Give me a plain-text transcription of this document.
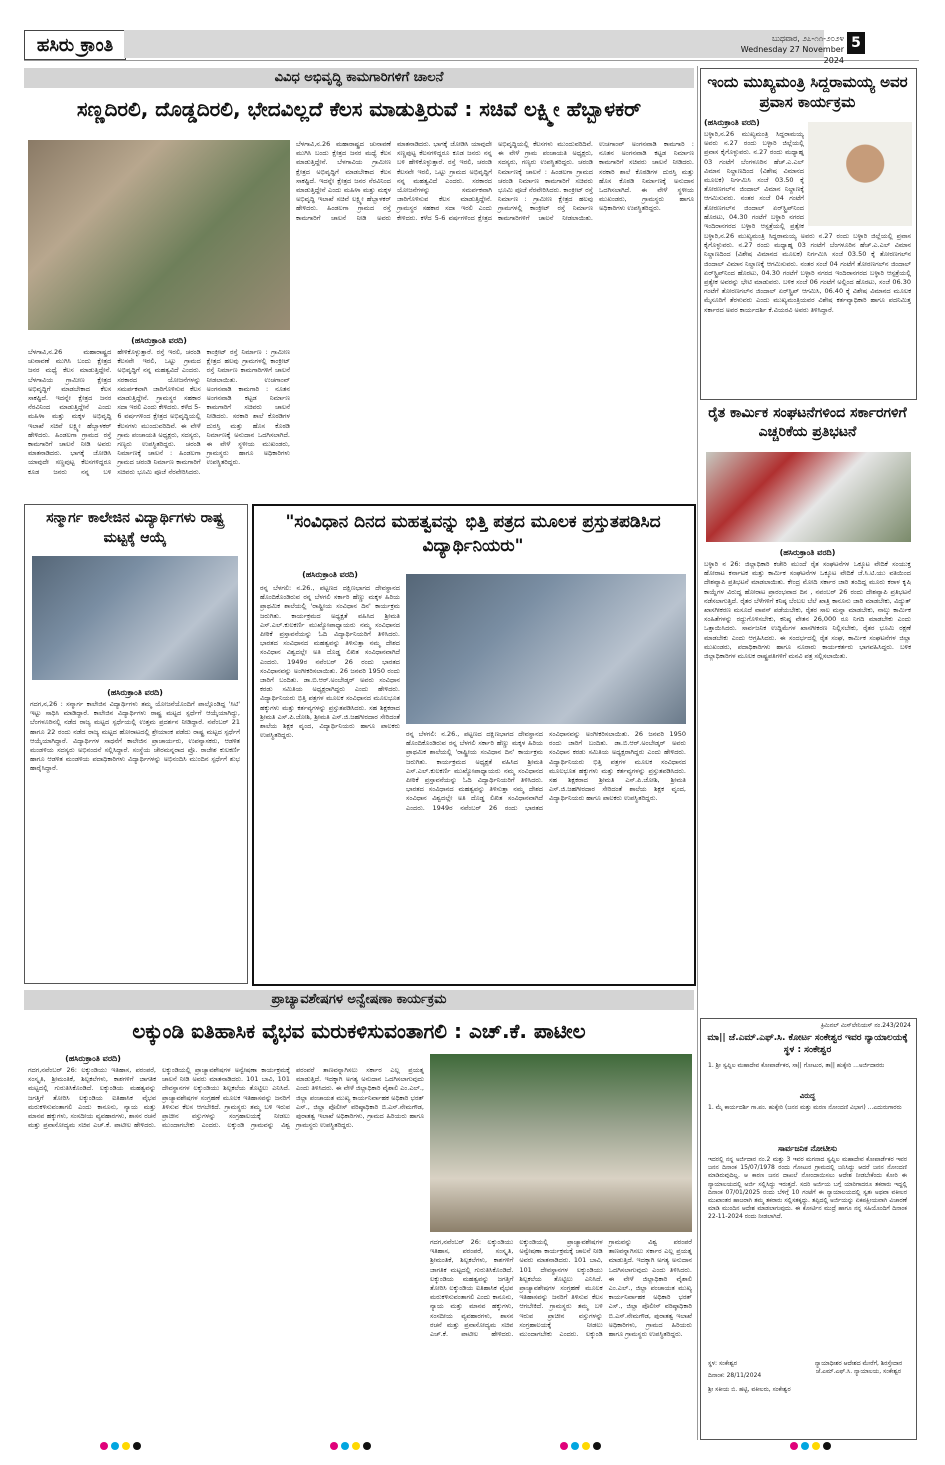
ಹಸಿರು ಕ್ರಾಂತಿ	ಬುಧವಾರ, ೨೭-೧೧-೨೦೨೪
Wednesday 27 November 2024
5
ವಿವಿಧ ಅಭಿವೃದ್ಧಿ ಕಾಮಗಾರಿಗಳಿಗೆ ಚಾಲನೆ
ಸಣ್ಣದಿರಲಿ, ದೊಡ್ಡದಿರಲಿ, ಭೇದವಿಲ್ಲದೆ ಕೆಲಸ ಮಾಡುತ್ತಿರುವೆ : ಸಚಿವೆ ಲಕ್ಷ್ಮೀ ಹೆಬ್ಬಾಳಕರ್
(ಹಸಿರುಕ್ರಾಂತಿ ವರದಿ)
ಬೆಳಗಾವಿ,ನ.26 ಮಹಾರಾಷ್ಟ್ರದ ಚುನಾವಣೆ ಮುಗಿಸಿ ಬಂದು ಕ್ಷೇತ್ರದ ಜನರ ಮಧ್ಯೆ ಕೆಲಸ ಮಾಡುತ್ತಿದ್ದೇನೆ. ಬೆಳಗಾವಿಯ ಗ್ರಾಮೀಣ ಕ್ಷೇತ್ರದ ಅಭಿವೃದ್ಧಿಗೆ ಮಾಡಬೇಕಾದ ಕೆಲಸ ಸಾಕಷ್ಟಿದೆ. ಇದನ್ನೇ ಕ್ಷೇತ್ರದ ಜನರ ನೆರವಿನಿಂದ ಮಾಡುತ್ತಿದ್ದೇನೆ ಎಂದು ಮಹಿಳಾ ಮತ್ತು ಮಕ್ಕಳ ಅಭಿವೃದ್ಧಿ ಇಲಾಖೆ ಸಚಿವೆ ಲಕ್ಷ್ಮೀ ಹೆಬ್ಬಾಳಕರ್ ಹೇಳಿದರು. ಹಿಂಡಲಗಾ ಗ್ರಾಮದ ರಸ್ತೆ ಕಾಮಗಾರಿಗೆ ಚಾಲನೆ ನೀಡಿ ಅವರು ಮಾತನಾಡಿದರು. ಭಾಗಕ್ಕೆ ಜೋಡಿಸಿ ಯಾವುದೇ ಸಣ್ಣಪುಟ್ಟ ಕೆಲಸಗಳಿದ್ದರೂ ಕೂಡ ಜನರು ನನ್ನ ಬಳಿ ಹೇಳಿಕೊಳ್ಳುತ್ತಾರೆ. ರಸ್ತೆ ಇರಲಿ, ಚರಂಡಿ ಕೆಲಸವೇ ಇರಲಿ, ಒಟ್ಟು ಗ್ರಾಮದ ಅಭಿವೃದ್ಧಿಗೆ ನನ್ನ ಮಹತ್ವವಿದೆ ಎಂದರು. ಸರಕಾರದ ಯೋಜನೆಗಳನ್ನು ಸಮರ್ಪಕವಾಗಿ ಜಾರಿಗೊಳಿಸುವ ಕೆಲಸ ಮಾಡುತ್ತಿದ್ದೇನೆ. ಗ್ರಾಮಸ್ಥರ ಸಹಕಾರ ಸದಾ ಇರಲಿ ಎಂದು ಕೇಳಿದರು. ಕಳೆದ 5-6 ವರ್ಷಗಳಿಂದ ಕ್ಷೇತ್ರದ ಅಭಿವೃದ್ಧಿಯಲ್ಲಿ ಕೆಲಸಗಳು ಮುಂದುವರಿದಿವೆ. ಈ ವೇಳೆ ಗ್ರಾಮ ಪಂಚಾಯತಿ ಅಧ್ಯಕ್ಷರು, ಸದಸ್ಯರು, ಗಣ್ಯರು ಉಪಸ್ಥಿತರಿದ್ದರು. ಚರಂಡಿ ನಿರ್ಮಾಣಕ್ಕೆ ಚಾಲನೆ : ಹಿಂಡಲಗಾ ಗ್ರಾಮದ ಚರಂಡಿ ನಿರ್ಮಾಣ ಕಾಮಗಾರಿಗೆ ಸಚಿವರು ಭೂಮಿ ಪೂಜೆ ನೆರವೇರಿಸಿದರು. ಕಾಂಕ್ರೀಟ್ ರಸ್ತೆ ನಿರ್ಮಾಣ : ಗ್ರಾಮೀಣ ಕ್ಷೇತ್ರದ ಹಲವು ಗ್ರಾಮಗಳಲ್ಲಿ ಕಾಂಕ್ರೀಟ್ ರಸ್ತೆ ನಿರ್ಮಾಣ ಕಾಮಗಾರಿಗಳಿಗೆ ಚಾಲನೆ ನೀಡಲಾಯಿತು. ಉಚಗಾಂವ್ ಅಂಗನವಾಡಿ ಕಾಮಗಾರಿ : ನೂತನ ಅಂಗನವಾಡಿ ಕಟ್ಟಡ ನಿರ್ಮಾಣ ಕಾಮಗಾರಿಗೆ ಸಚಿವರು ಚಾಲನೆ ನೀಡಿದರು. ಸರಕಾರಿ ಶಾಲೆ ಕೊಠಡಿಗಳ ದುರಸ್ತಿ ಮತ್ತು ಹೊಸ ಕೊಠಡಿ ನಿರ್ಮಾಣಕ್ಕೆ ಅನುದಾನ ಒದಗಿಸಲಾಗಿದೆ. ಈ ವೇಳೆ ಸ್ಥಳೀಯ ಮುಖಂಡರು, ಗ್ರಾಮಸ್ಥರು ಹಾಗೂ ಅಧಿಕಾರಿಗಳು ಉಪಸ್ಥಿತರಿದ್ದರು.
ಬೆಳಗಾವಿ,ನ.26 ಮಹಾರಾಷ್ಟ್ರದ ಚುನಾವಣೆ ಮುಗಿಸಿ ಬಂದು ಕ್ಷೇತ್ರದ ಜನರ ಮಧ್ಯೆ ಕೆಲಸ ಮಾಡುತ್ತಿದ್ದೇನೆ. ಬೆಳಗಾವಿಯ ಗ್ರಾಮೀಣ ಕ್ಷೇತ್ರದ ಅಭಿವೃದ್ಧಿಗೆ ಮಾಡಬೇಕಾದ ಕೆಲಸ ಸಾಕಷ್ಟಿದೆ. ಇದನ್ನೇ ಕ್ಷೇತ್ರದ ಜನರ ನೆರವಿನಿಂದ ಮಾಡುತ್ತಿದ್ದೇನೆ ಎಂದು ಮಹಿಳಾ ಮತ್ತು ಮಕ್ಕಳ ಅಭಿವೃದ್ಧಿ ಇಲಾಖೆ ಸಚಿವೆ ಲಕ್ಷ್ಮೀ ಹೆಬ್ಬಾಳಕರ್ ಹೇಳಿದರು. ಹಿಂಡಲಗಾ ಗ್ರಾಮದ ರಸ್ತೆ ಕಾಮಗಾರಿಗೆ ಚಾಲನೆ ನೀಡಿ ಅವರು ಮಾತನಾಡಿದರು. ಭಾಗಕ್ಕೆ ಜೋಡಿಸಿ ಯಾವುದೇ ಸಣ್ಣಪುಟ್ಟ ಕೆಲಸಗಳಿದ್ದರೂ ಕೂಡ ಜನರು ನನ್ನ ಬಳಿ ಹೇಳಿಕೊಳ್ಳುತ್ತಾರೆ. ರಸ್ತೆ ಇರಲಿ, ಚರಂಡಿ ಕೆಲಸವೇ ಇರಲಿ, ಒಟ್ಟು ಗ್ರಾಮದ ಅಭಿವೃದ್ಧಿಗೆ ನನ್ನ ಮಹತ್ವವಿದೆ ಎಂದರು. ಸರಕಾರದ ಯೋಜನೆಗಳನ್ನು ಸಮರ್ಪಕವಾಗಿ ಜಾರಿಗೊಳಿಸುವ ಕೆಲಸ ಮಾಡುತ್ತಿದ್ದೇನೆ. ಗ್ರಾಮಸ್ಥರ ಸಹಕಾರ ಸದಾ ಇರಲಿ ಎಂದು ಕೇಳಿದರು. ಕಳೆದ 5-6 ವರ್ಷಗಳಿಂದ ಕ್ಷೇತ್ರದ ಅಭಿವೃದ್ಧಿಯಲ್ಲಿ ಕೆಲಸಗಳು ಮುಂದುವರಿದಿವೆ. ಈ ವೇಳೆ ಗ್ರಾಮ ಪಂಚಾಯತಿ ಅಧ್ಯಕ್ಷರು, ಸದಸ್ಯರು, ಗಣ್ಯರು ಉಪಸ್ಥಿತರಿದ್ದರು. ಚರಂಡಿ ನಿರ್ಮಾಣಕ್ಕೆ ಚಾಲನೆ : ಹಿಂಡಲಗಾ ಗ್ರಾಮದ ಚರಂಡಿ ನಿರ್ಮಾಣ ಕಾಮಗಾರಿಗೆ ಸಚಿವರು ಭೂಮಿ ಪೂಜೆ ನೆರವೇರಿಸಿದರು. ಕಾಂಕ್ರೀಟ್ ರಸ್ತೆ ನಿರ್ಮಾಣ : ಗ್ರಾಮೀಣ ಕ್ಷೇತ್ರದ ಹಲವು ಗ್ರಾಮಗಳಲ್ಲಿ ಕಾಂಕ್ರೀಟ್ ರಸ್ತೆ ನಿರ್ಮಾಣ ಕಾಮಗಾರಿಗಳಿಗೆ ಚಾಲನೆ ನೀಡಲಾಯಿತು. ಉಚಗಾಂವ್ ಅಂಗನವಾಡಿ ಕಾಮಗಾರಿ : ನೂತನ ಅಂಗನವಾಡಿ ಕಟ್ಟಡ ನಿರ್ಮಾಣ ಕಾಮಗಾರಿಗೆ ಸಚಿವರು ಚಾಲನೆ ನೀಡಿದರು. ಸರಕಾರಿ ಶಾಲೆ ಕೊಠಡಿಗಳ ದುರಸ್ತಿ ಮತ್ತು ಹೊಸ ಕೊಠಡಿ ನಿರ್ಮಾಣಕ್ಕೆ ಅನುದಾನ ಒದಗಿಸಲಾಗಿದೆ. ಈ ವೇಳೆ ಸ್ಥಳೀಯ ಮುಖಂಡರು, ಗ್ರಾಮಸ್ಥರು ಹಾಗೂ ಅಧಿಕಾರಿಗಳು ಉಪಸ್ಥಿತರಿದ್ದರು.
ಇಂದು ಮುಖ್ಯಮಂತ್ರಿ ಸಿದ್ದರಾಮಯ್ಯ ಅವರ ಪ್ರವಾಸ ಕಾರ್ಯಕ್ರಮ
(ಹಸಿರುಕ್ರಾಂತಿ ವರದಿ)
ಬಳ್ಳಾರಿ,ನ.26 ಮುಖ್ಯಮಂತ್ರಿ ಸಿದ್ದರಾಮಯ್ಯ ಅವರು ನ.27 ರಂದು ಬಳ್ಳಾರಿ ಜಿಲ್ಲೆಯಲ್ಲಿ ಪ್ರವಾಸ ಕೈಗೊಳ್ಳುವರು. ನ.27 ರಂದು ಮಧ್ಯಾಹ್ನ 03 ಗಂಟೆಗೆ ಬೆಂಗಳೂರಿನ ಹೆಚ್.ಎ.ಎಲ್ ವಿಮಾನ ನಿಲ್ದಾಣದಿಂದ (ವಿಶೇಷ ವಿಮಾನದ ಮೂಲಕ) ನಿರ್ಗಮಿಸಿ ಸಂಜೆ 03.50 ಕ್ಕೆ ತೋರಣಗಲ್‌ನ ಜಿಂದಾಲ್ ವಿಮಾನ ನಿಲ್ದಾಣಕ್ಕೆ ಆಗಮಿಸುವರು. ನಂತರ ಸಂಜೆ 04 ಗಂಟೆಗೆ ತೋರಣಗಲ್‌ನ ಜಿಂದಾಲ್ ಏರ್‌ಸ್ಟ್ರಿಪ್‌ನಿಂದ ಹೊರಟು, 04.30 ಗಂಟೆಗೆ ಬಳ್ಳಾರಿ ನಗರದ ಇಂದಿರಾನಗರದ ಬಳ್ಳಾರಿ ಆಸ್ಪತ್ರೆಯಲ್ಲಿ ಪ್ರತ್ಯೇಕ
ಬಳ್ಳಾರಿ,ನ.26 ಮುಖ್ಯಮಂತ್ರಿ ಸಿದ್ದರಾಮಯ್ಯ ಅವರು ನ.27 ರಂದು ಬಳ್ಳಾರಿ ಜಿಲ್ಲೆಯಲ್ಲಿ ಪ್ರವಾಸ ಕೈಗೊಳ್ಳುವರು. ನ.27 ರಂದು ಮಧ್ಯಾಹ್ನ 03 ಗಂಟೆಗೆ ಬೆಂಗಳೂರಿನ ಹೆಚ್.ಎ.ಎಲ್ ವಿಮಾನ ನಿಲ್ದಾಣದಿಂದ (ವಿಶೇಷ ವಿಮಾನದ ಮೂಲಕ) ನಿರ್ಗಮಿಸಿ ಸಂಜೆ 03.50 ಕ್ಕೆ ತೋರಣಗಲ್‌ನ ಜಿಂದಾಲ್ ವಿಮಾನ ನಿಲ್ದಾಣಕ್ಕೆ ಆಗಮಿಸುವರು. ನಂತರ ಸಂಜೆ 04 ಗಂಟೆಗೆ ತೋರಣಗಲ್‌ನ ಜಿಂದಾಲ್ ಏರ್‌ಸ್ಟ್ರಿಪ್‌ನಿಂದ ಹೊರಟು, 04.30 ಗಂಟೆಗೆ ಬಳ್ಳಾರಿ ನಗರದ ಇಂದಿರಾನಗರದ ಬಳ್ಳಾರಿ ಆಸ್ಪತ್ರೆಯಲ್ಲಿ ಪ್ರತ್ಯೇಕ ಅವರನ್ನು ಭೇಟಿ ಮಾಡುವರು. ಬಳಿಕ ಸಂಜೆ 06 ಗಂಟೆಗೆ ಅಲ್ಲಿಂದ ಹೊರಟು, ಸಂಜೆ 06.30 ಗಂಟೆಗೆ ತೋರಣಗಲ್‌ನ ಜಿಂದಾಲ್ ಏರ್‌ಸ್ಟ್ರಿಪ್ ಆಗಮಿಸಿ, 06.40 ಕ್ಕೆ ವಿಶೇಷ ವಿಮಾನದ ಮೂಲಕ ಮೈಸೂರಿಗೆ ತೆರಳುವರು ಎಂದು ಮುಖ್ಯಮಂತ್ರಿಯವರ ವಿಶೇಷ ಕರ್ತವ್ಯಾಧಿಕಾರಿ ಹಾಗೂ ಪದನಿಮಿತ್ತ ಸರ್ಕಾರದ ಅವರ ಕಾರ್ಯದರ್ಶಿ ಕೆ.ವಿಯರವಿ ಅವರು ತಿಳಿಸಿದ್ದಾರೆ.
ರೈತ ಕಾರ್ಮಿಕ ಸಂಘಟನೆಗಳಿಂದ ಸರ್ಕಾರಗಳಿಗೆ ಎಚ್ಚರಿಕೆಯ ಪ್ರತಿಭಟನೆ
(ಹಸಿರುಕ್ರಾಂತಿ ವರದಿ)
ಬಳ್ಳಾರಿ ನ 26: ಜಿಲ್ಲಾಧಿಕಾರಿ ಕಚೇರಿ ಮುಂದೆ ರೈತ ಸಂಘಟನೆಗಳ ಒಕ್ಕೂಟ ವೇದಿಕೆ ಸಂಯುಕ್ತ ಹೋರಾಟ ಕರ್ನಾಟಕ ಮತ್ತು ಕಾರ್ಮಿಕ ಸಂಘಟನೆಗಳ ಒಕ್ಕೂಟ ವೇದಿಕೆ ಜೆ.ಸಿ.ಟಿ.ಯು ವತಿಯಿಂದ ದೇಶವ್ಯಾಪಿ ಪ್ರತಿಭಟನೆ ಮಾಡಲಾಯಿತು. ಕೇಂದ್ರ ಮೋದಿ ಸರ್ಕಾರ ಜಾರಿ ತಂದಿದ್ದ ಮೂರು ಕರಾಳ ಕೃಷಿ ಕಾಯ್ದೆಗಳ ವಿರುದ್ಧ ಹೋರಾಟ ಪ್ರಾರಂಭವಾದ ದಿನ , ನವಂಬರ್ 26 ರಂದು ದೇಶವ್ಯಾಪಿ ಪ್ರತಿಭಟನೆ ನಡೆಸಲಾಗುತ್ತಿದೆ. ರೈತರ ಬೆಳೆಗಳಿಗೆ ಕನಿಷ್ಠ ಬೆಂಬಲ ಬೆಲೆ ಖಾತ್ರಿ ಕಾನೂನು ಜಾರಿ ಮಾಡಬೇಕು, ವಿದ್ಯುತ್ ಖಾಸಗೀಕರಣ ಮಸೂದೆ ವಾಪಸ್ ಪಡೆಯಬೇಕು, ರೈತರ ಸಾಲ ಮನ್ನಾ ಮಾಡಬೇಕು, ನಾಲ್ಕು ಕಾರ್ಮಿಕ ಸಂಹಿತೆಗಳನ್ನು ರದ್ದುಗೊಳಿಸಬೇಕು, ಕನಿಷ್ಠ ವೇತನ 26,000 ರೂ ನಿಗದಿ ಮಾಡಬೇಕು ಎಂದು ಒತ್ತಾಯಿಸಿದರು. ಸಾರ್ವಜನಿಕ ಉದ್ದಿಮೆಗಳ ಖಾಸಗೀಕರಣ ನಿಲ್ಲಿಸಬೇಕು, ರೈತರ ಭೂಮಿ ರಕ್ಷಣೆ ಮಾಡಬೇಕು ಎಂದು ಆಗ್ರಹಿಸಿದರು. ಈ ಸಂದರ್ಭದಲ್ಲಿ ರೈತ ಸಂಘ, ಕಾರ್ಮಿಕ ಸಂಘಟನೆಗಳ ಜಿಲ್ಲಾ ಮುಖಂಡರು, ಪದಾಧಿಕಾರಿಗಳು ಹಾಗೂ ನೂರಾರು ಕಾರ್ಯಕರ್ತರು ಭಾಗವಹಿಸಿದ್ದರು. ಬಳಿಕ ಜಿಲ್ಲಾಧಿಕಾರಿಗಳ ಮೂಲಕ ರಾಷ್ಟ್ರಪತಿಗಳಿಗೆ ಮನವಿ ಪತ್ರ ಸಲ್ಲಿಸಲಾಯಿತು.
ಸನ್ಮಾರ್ಗ ಕಾಲೇಜಿನ ವಿದ್ಯಾರ್ಥಿಗಳು ರಾಷ್ಟ್ರ ಮಟ್ಟಕ್ಕೆ ಆಯ್ಕೆ
(ಹಸಿರುಕ್ರಾಂತಿ ವರದಿ)
ಗದಗ,ನ,26 : ಸನ್ಮಾರ್ಗ ಕಾಲೇಜಿನ ವಿದ್ಯಾರ್ಥಿಗಳು ತಮ್ಮ ಯೋಜನೆಯೊಂದಿಗೆ ಪಾಲ್ಗೊಂಡಿದ್ದ 'ಸಿಟಿ' ಇಟ್ಟು ಸಾಧಿಸಿ ಮಾಡಿದ್ದಾರೆ. ಕಾಲೇಜಿನ ವಿದ್ಯಾರ್ಥಿಗಳು ರಾಷ್ಟ್ರ ಮಟ್ಟದ ಸ್ಪರ್ಧೆಗೆ ಆಯ್ಕೆಯಾಗಿದ್ದು, ಬೆಂಗಳೂರಿನಲ್ಲಿ ನಡೆದ ರಾಜ್ಯ ಮಟ್ಟದ ಸ್ಪರ್ಧೆಯಲ್ಲಿ ಉತ್ತಮ ಪ್ರದರ್ಶನ ನೀಡಿದ್ದಾರೆ. ನವೆಂಬರ್ 21 ಹಾಗೂ 22 ರಂದು ನಡೆದ ರಾಜ್ಯ ಮಟ್ಟದ ಹೋರಾಟದಲ್ಲಿ ಶ್ರೇಯಾಂಕ ಪಡೆದು ರಾಷ್ಟ್ರ ಮಟ್ಟದ ಸ್ಪರ್ಧೆಗೆ ಆಯ್ಕೆಯಾಗಿದ್ದಾರೆ. ವಿದ್ಯಾರ್ಥಿಗಳ ಸಾಧನೆಗೆ ಕಾಲೇಜಿನ ಪ್ರಾಚಾರ್ಯರು, ಉಪನ್ಯಾಸಕರು, ಆಡಳಿತ ಮಂಡಳಿಯ ಸದಸ್ಯರು ಅಭಿನಂದನೆ ಸಲ್ಲಿಸಿದ್ದಾರೆ. ಸಂಸ್ಥೆಯ ಚೇರಮನ್ನರಾದ ಪ್ರೊ. ರಾಜೇಶ ಕುಲಕರ್ಣಿ ಹಾಗೂ ಆಡಳಿತ ಮಂಡಳಿಯ ಪದಾಧಿಕಾರಿಗಳು ವಿದ್ಯಾರ್ಥಿಗಳನ್ನು ಅಭಿನಂದಿಸಿ ಮುಂದಿನ ಸ್ಪರ್ಧೆಗೆ ಶುಭ ಹಾರೈಸಿದ್ದಾರೆ.
"ಸಂವಿಧಾನ ದಿನದ ಮಹತ್ವವನ್ನು ಭಿತ್ತಿ ಪತ್ರದ ಮೂಲಕ ಪ್ರಸ್ತುತಪಡಿಸಿದ ವಿದ್ಯಾರ್ಥಿನಿಯರು"
(ಹಸಿರುಕ್ರಾಂತಿ ವರದಿ)
ರನ್ನ ಬೆಳಗಲಿ: ನ.26., ಪಟ್ಟಣದ ದಕ್ಷಿಣಭಾಗದ ದೇವಸ್ಥಾನದ ಹೊಂದಿಕೊಂಡಿರುವ ರನ್ನ ಬೆಳಗಲಿ ಸರ್ಕಾರಿ ಹೆಣ್ಣು ಮಕ್ಕಳ ಹಿರಿಯ ಪ್ರಾಥಮಿಕ ಶಾಲೆಯಲ್ಲಿ 'ರಾಷ್ಟ್ರೀಯ ಸಂವಿಧಾನ ದಿನ' ಕಾರ್ಯಕ್ರಮ ಜರುಗಿತು. ಕಾರ್ಯಕ್ರಮದ ಅಧ್ಯಕ್ಷತೆ ವಹಿಸಿದ ಶ್ರೀಮತಿ ಎಸ್.ಎಲ್.ಕುಲಕರ್ಣಿ ಮುಖ್ಯೋಪಾಧ್ಯಾಯರು ನಮ್ಮ ಸಂವಿಧಾನದ ಪೀಠಿಕೆ ಪ್ರಸ್ತಾವನೆಯನ್ನು ಓದಿ ವಿದ್ಯಾರ್ಥಿನಿಯರಿಗೆ ತಿಳಿಸಿದರು. ಭಾರತದ ಸಂವಿಧಾನದ ಮಹತ್ವವನ್ನು ತಿಳಿಸುತ್ತಾ ನಮ್ಮ ದೇಶದ ಸಂವಿಧಾನ ವಿಶ್ವದಲ್ಲೇ ಅತಿ ದೊಡ್ಡ ಲಿಖಿತ ಸಂವಿಧಾನವಾಗಿದೆ ಎಂದರು. 1949ರ ನವೆಂಬರ್ 26 ರಂದು ಭಾರತದ ಸಂವಿಧಾನವನ್ನು ಅಂಗೀಕರಿಸಲಾಯಿತು. 26 ಜನವರಿ 1950 ರಂದು ಜಾರಿಗೆ ಬಂದಿತು. ಡಾ.ಬಿ.ಆರ್.ಅಂಬೇಡ್ಕರ್ ಅವರು ಸಂವಿಧಾನ ಕರಡು ಸಮಿತಿಯ ಅಧ್ಯಕ್ಷರಾಗಿದ್ದರು ಎಂದು ಹೇಳಿದರು. ವಿದ್ಯಾರ್ಥಿನಿಯರು ಭಿತ್ತಿ ಪತ್ರಗಳ ಮೂಲಕ ಸಂವಿಧಾನದ ಮೂಲಭೂತ ಹಕ್ಕುಗಳು ಮತ್ತು ಕರ್ತವ್ಯಗಳನ್ನು ಪ್ರಸ್ತುತಪಡಿಸಿದರು. ಸಹ ಶಿಕ್ಷಕರಾದ ಶ್ರೀಮತಿ ಎಸ್.ಪಿ.ಜೋಶಿ, ಶ್ರೀಮತಿ ಎಸ್.ಜಿ.ಜಹಗೀರದಾರ ಸೇರಿದಂತೆ ಶಾಲೆಯ ಶಿಕ್ಷಕ ವೃಂದ, ವಿದ್ಯಾರ್ಥಿನಿಯರು ಹಾಗೂ ಪಾಲಕರು ಉಪಸ್ಥಿತರಿದ್ದರು.	ರನ್ನ ಬೆಳಗಲಿ: ನ.26., ಪಟ್ಟಣದ ದಕ್ಷಿಣಭಾಗದ ದೇವಸ್ಥಾನದ ಹೊಂದಿಕೊಂಡಿರುವ ರನ್ನ ಬೆಳಗಲಿ ಸರ್ಕಾರಿ ಹೆಣ್ಣು ಮಕ್ಕಳ ಹಿರಿಯ ಪ್ರಾಥಮಿಕ ಶಾಲೆಯಲ್ಲಿ 'ರಾಷ್ಟ್ರೀಯ ಸಂವಿಧಾನ ದಿನ' ಕಾರ್ಯಕ್ರಮ ಜರುಗಿತು. ಕಾರ್ಯಕ್ರಮದ ಅಧ್ಯಕ್ಷತೆ ವಹಿಸಿದ ಶ್ರೀಮತಿ ಎಸ್.ಎಲ್.ಕುಲಕರ್ಣಿ ಮುಖ್ಯೋಪಾಧ್ಯಾಯರು ನಮ್ಮ ಸಂವಿಧಾನದ ಪೀಠಿಕೆ ಪ್ರಸ್ತಾವನೆಯನ್ನು ಓದಿ ವಿದ್ಯಾರ್ಥಿನಿಯರಿಗೆ ತಿಳಿಸಿದರು. ಭಾರತದ ಸಂವಿಧಾನದ ಮಹತ್ವವನ್ನು ತಿಳಿಸುತ್ತಾ ನಮ್ಮ ದೇಶದ ಸಂವಿಧಾನ ವಿಶ್ವದಲ್ಲೇ ಅತಿ ದೊಡ್ಡ ಲಿಖಿತ ಸಂವಿಧಾನವಾಗಿದೆ ಎಂದರು. 1949ರ ನವೆಂಬರ್ 26 ರಂದು ಭಾರತದ ಸಂವಿಧಾನವನ್ನು ಅಂಗೀಕರಿಸಲಾಯಿತು. 26 ಜನವರಿ 1950 ರಂದು ಜಾರಿಗೆ ಬಂದಿತು. ಡಾ.ಬಿ.ಆರ್.ಅಂಬೇಡ್ಕರ್ ಅವರು ಸಂವಿಧಾನ ಕರಡು ಸಮಿತಿಯ ಅಧ್ಯಕ್ಷರಾಗಿದ್ದರು ಎಂದು ಹೇಳಿದರು. ವಿದ್ಯಾರ್ಥಿನಿಯರು ಭಿತ್ತಿ ಪತ್ರಗಳ ಮೂಲಕ ಸಂವಿಧಾನದ ಮೂಲಭೂತ ಹಕ್ಕುಗಳು ಮತ್ತು ಕರ್ತವ್ಯಗಳನ್ನು ಪ್ರಸ್ತುತಪಡಿಸಿದರು. ಸಹ ಶಿಕ್ಷಕರಾದ ಶ್ರೀಮತಿ ಎಸ್.ಪಿ.ಜೋಶಿ, ಶ್ರೀಮತಿ ಎಸ್.ಜಿ.ಜಹಗೀರದಾರ ಸೇರಿದಂತೆ ಶಾಲೆಯ ಶಿಕ್ಷಕ ವೃಂದ, ವಿದ್ಯಾರ್ಥಿನಿಯರು ಹಾಗೂ ಪಾಲಕರು ಉಪಸ್ಥಿತರಿದ್ದರು.
ಪ್ರಾಚ್ಯಾವಶೇಷಗಳ ಅನ್ವೇಷಣಾ ಕಾರ್ಯಕ್ರಮ
ಲಕ್ಕುಂಡಿ ಐತಿಹಾಸಿಕ ವೈಭವ ಮರುಕಳಿಸುವಂತಾಗಲಿ : ಎಚ್.ಕೆ. ಪಾಟೀಲ
(ಹಸಿರುಕ್ರಾಂತಿ ವರದಿ)
ಗದಗ,ನವೆಂಬರ್ 26: ಲಕ್ಕುಂಡಿಯು ಇತಿಹಾಸ, ಪರಂಪರೆ, ಸಂಸ್ಕೃತಿ, ಶ್ರೀಮಂತಿಕೆ, ಶಿಲ್ಪಕಲೆಗಳು, ಕಾಶಗಳಿಗೆ ಜಾಗತಿಕ ಮಟ್ಟದಲ್ಲಿ ಗುರುತಿಸಿಕೊಂಡಿದೆ. ಲಕ್ಕುಂಡಿಯ ಮಹತ್ವವನ್ನು ಜಗತ್ತಿಗೆ ತೋರಿಸಿ ಲಕ್ಕುಂಡಿಯ ಐತಿಹಾಸಿಕ ವೈಭವ ಮರುಕಳಿಸುವಂತಾಗಲಿ ಎಂದು ಕಾನೂನು, ನ್ಯಾಯ ಮತ್ತು ಮಾನವ ಹಕ್ಕುಗಳು, ಸಂಸದೀಯ ವ್ಯವಹಾರಗಳು, ಶಾಸನ ರಚನೆ ಮತ್ತು ಪ್ರವಾಸೋದ್ಯಮ ಸಚಿವ ಎಚ್.ಕೆ. ಪಾಟೀಲ ಹೇಳಿದರು. ಲಕ್ಕುಂಡಿಯಲ್ಲಿ ಪ್ರಾಚ್ಯಾವಶೇಷಗಳ ಅನ್ವೇಷಣಾ ಕಾರ್ಯಕ್ರಮಕ್ಕೆ ಚಾಲನೆ ನೀಡಿ ಅವರು ಮಾತನಾಡಿದರು. 101 ಬಾವಿ, 101 ದೇವಸ್ಥಾನಗಳ ಲಕ್ಕುಂಡಿಯು ಶಿಲ್ಪಕಲೆಯ ತೊಟ್ಟಿಲು ಎನಿಸಿದೆ. ಪ್ರಾಚ್ಯಾವಶೇಷಗಳ ಸಂಗ್ರಹಣೆ ಮೂಲಕ ಇತಿಹಾಸವನ್ನು ಜನರಿಗೆ ತಿಳಿಸುವ ಕೆಲಸ ಆಗಬೇಕಿದೆ. ಗ್ರಾಮಸ್ಥರು ತಮ್ಮ ಬಳಿ ಇರುವ ಪ್ರಾಚೀನ ವಸ್ತುಗಳನ್ನು ಸಂಗ್ರಹಾಲಯಕ್ಕೆ ನೀಡಲು ಮುಂದಾಗಬೇಕು ಎಂದರು. ಲಕ್ಕುಂಡಿ ಗ್ರಾಮವನ್ನು ವಿಶ್ವ ಪರಂಪರೆ ತಾಣವನ್ನಾಗಿಸಲು ಸರ್ಕಾರ ಎಲ್ಲ ಪ್ರಯತ್ನ ಮಾಡುತ್ತಿದೆ. ಇದಕ್ಕಾಗಿ ಅಗತ್ಯ ಅನುದಾನ ಒದಗಿಸಲಾಗುವುದು ಎಂದು ತಿಳಿಸಿದರು. ಈ ವೇಳೆ ಜಿಲ್ಲಾಧಿಕಾರಿ ವೈಶಾಲಿ ಎಂ.ಎಲ್., ಜಿಲ್ಲಾ ಪಂಚಾಯತ ಮುಖ್ಯ ಕಾರ್ಯನಿರ್ವಾಹಕ ಅಧಿಕಾರಿ ಭರತ್ ಎಸ್., ಜಿಲ್ಲಾ ಪೊಲೀಸ್ ವರಿಷ್ಠಾಧಿಕಾರಿ ಬಿ.ಎಸ್.ನೇಮಗೌಡ, ಪುರಾತತ್ವ ಇಲಾಖೆ ಅಧಿಕಾರಿಗಳು, ಗ್ರಾಮದ ಹಿರಿಯರು ಹಾಗೂ ಗ್ರಾಮಸ್ಥರು ಉಪಸ್ಥಿತರಿದ್ದರು.
ಗದಗ,ನವೆಂಬರ್ 26: ಲಕ್ಕುಂಡಿಯು ಇತಿಹಾಸ, ಪರಂಪರೆ, ಸಂಸ್ಕೃತಿ, ಶ್ರೀಮಂತಿಕೆ, ಶಿಲ್ಪಕಲೆಗಳು, ಕಾಶಗಳಿಗೆ ಜಾಗತಿಕ ಮಟ್ಟದಲ್ಲಿ ಗುರುತಿಸಿಕೊಂಡಿದೆ. ಲಕ್ಕುಂಡಿಯ ಮಹತ್ವವನ್ನು ಜಗತ್ತಿಗೆ ತೋರಿಸಿ ಲಕ್ಕುಂಡಿಯ ಐತಿಹಾಸಿಕ ವೈಭವ ಮರುಕಳಿಸುವಂತಾಗಲಿ ಎಂದು ಕಾನೂನು, ನ್ಯಾಯ ಮತ್ತು ಮಾನವ ಹಕ್ಕುಗಳು, ಸಂಸದೀಯ ವ್ಯವಹಾರಗಳು, ಶಾಸನ ರಚನೆ ಮತ್ತು ಪ್ರವಾಸೋದ್ಯಮ ಸಚಿವ ಎಚ್.ಕೆ. ಪಾಟೀಲ ಹೇಳಿದರು. ಲಕ್ಕುಂಡಿಯಲ್ಲಿ ಪ್ರಾಚ್ಯಾವಶೇಷಗಳ ಅನ್ವೇಷಣಾ ಕಾರ್ಯಕ್ರಮಕ್ಕೆ ಚಾಲನೆ ನೀಡಿ ಅವರು ಮಾತನಾಡಿದರು. 101 ಬಾವಿ, 101 ದೇವಸ್ಥಾನಗಳ ಲಕ್ಕುಂಡಿಯು ಶಿಲ್ಪಕಲೆಯ ತೊಟ್ಟಿಲು ಎನಿಸಿದೆ. ಪ್ರಾಚ್ಯಾವಶೇಷಗಳ ಸಂಗ್ರಹಣೆ ಮೂಲಕ ಇತಿಹಾಸವನ್ನು ಜನರಿಗೆ ತಿಳಿಸುವ ಕೆಲಸ ಆಗಬೇಕಿದೆ. ಗ್ರಾಮಸ್ಥರು ತಮ್ಮ ಬಳಿ ಇರುವ ಪ್ರಾಚೀನ ವಸ್ತುಗಳನ್ನು ಸಂಗ್ರಹಾಲಯಕ್ಕೆ ನೀಡಲು ಮುಂದಾಗಬೇಕು ಎಂದರು. ಲಕ್ಕುಂಡಿ ಗ್ರಾಮವನ್ನು ವಿಶ್ವ ಪರಂಪರೆ ತಾಣವನ್ನಾಗಿಸಲು ಸರ್ಕಾರ ಎಲ್ಲ ಪ್ರಯತ್ನ ಮಾಡುತ್ತಿದೆ. ಇದಕ್ಕಾಗಿ ಅಗತ್ಯ ಅನುದಾನ ಒದಗಿಸಲಾಗುವುದು ಎಂದು ತಿಳಿಸಿದರು. ಈ ವೇಳೆ ಜಿಲ್ಲಾಧಿಕಾರಿ ವೈಶಾಲಿ ಎಂ.ಎಲ್., ಜಿಲ್ಲಾ ಪಂಚಾಯತ ಮುಖ್ಯ ಕಾರ್ಯನಿರ್ವಾಹಕ ಅಧಿಕಾರಿ ಭರತ್ ಎಸ್., ಜಿಲ್ಲಾ ಪೊಲೀಸ್ ವರಿಷ್ಠಾಧಿಕಾರಿ ಬಿ.ಎಸ್.ನೇಮಗೌಡ, ಪುರಾತತ್ವ ಇಲಾಖೆ ಅಧಿಕಾರಿಗಳು, ಗ್ರಾಮದ ಹಿರಿಯರು ಹಾಗೂ ಗ್ರಾಮಸ್ಥರು ಉಪಸ್ಥಿತರಿದ್ದರು.
ಕ್ರಿಮಿನಲ್ ಮಿಸ್‌ಲೇನಿಯಸ್ ನಂ.243/2024
ಮಾ|| ಜೆ.ಎಮ್.ಎಫ್.ಸಿ. ಕೋರ್ಟ ಸಂಕೇಶ್ವರ ಇವರ ನ್ಯಾಯಾಲಯಕ್ಕೆ ಸ್ಥಳ : ಸಂಕೇಶ್ವರ
1. ಶ್ರೀ ಸ್ವಪ್ನಿಲ ಮಹಾದೇವ ಕೋಪಾರ್ಡೆಕರ, ಸಾ|| ಗೋಟುರ, ತಾ|| ಹುಕ್ಕೇರಿ ...ಅರ್ಜಿದಾರರು
ವಿರುದ್ಧ
1. ಮೈ ಕಾರ್ಯದರ್ಶಿ ಗಾ.ಪಂ. ಹುಕ್ಕೇರಿ (ಜನನ ಮತ್ತು ಮರಣ ನೋಂದಣಿ ವಿಭಾಗ) ...ಎದುರುಗಾರರು
ಸಾರ್ವಜನಿಕ ನೋಟೀಸು
ಇದರಲ್ಲಿ ನನ್ನ ಅರ್ಜಿದಾರ ನಂ.2 ಮತ್ತು 3 ಇವರ ಮಗನಾದ ಸ್ವಪ್ನಿಲ ಮಹಾದೇವ ಕೋಪಾರ್ಡೆಕರ ಇವರ ಜನನ ದಿನಾಂಕ 15/07/1978 ರಂದು ಗೋಟುರ ಗ್ರಾಮದಲ್ಲಿ ಜನಿಸಿದ್ದು ಆದರೆ ಜನನ ನೋಂದಣಿ ಮಾಡಿರುವುದಿಲ್ಲ. ಆ ಕಾರಣ ಜನನ ದಾಖಲೆ ನೋಂದಾಯಿಸಲು ಆದೇಶ ನೀಡಬೇಕೆಂದು ಕೋರಿ ಈ ನ್ಯಾಯಾಲಯದಲ್ಲಿ ಅರ್ಜಿ ಸಲ್ಲಿಸಿದ್ದು ಇರುತ್ತದೆ. ಸದರಿ ಅರ್ಜಿಯ ಬಗ್ಗೆ ಯಾರಿಗಾದರೂ ತಕರಾರು ಇದ್ದಲ್ಲಿ ದಿನಾಂಕ 07/01/2025 ರಂದು ಬೆಳಿಗ್ಗೆ 10 ಗಂಟೆಗೆ ಈ ನ್ಯಾಯಾಲಯದಲ್ಲಿ ಸ್ವತಃ ಅಥವಾ ವಕೀಲರ ಮುಖಾಂತರ ಹಾಜರಾಗಿ ತಮ್ಮ ತಕರಾರು ಸಲ್ಲಿಸತಕ್ಕದ್ದು. ತಪ್ಪಿದಲ್ಲಿ ಅರ್ಜಿಯನ್ನು ಏಕಪಕ್ಷೀಯವಾಗಿ ವಿಚಾರಣೆ ಮಾಡಿ ಮುಂದಿನ ಆದೇಶ ಮಾಡಲಾಗುವುದು. ಈ ಕೋರ್ಟಿನ ಮುದ್ರೆ ಹಾಗೂ ನನ್ನ ಸಹಿಯೊಂದಿಗೆ ದಿನಾಂಕ 22-11-2024 ರಂದು ನೀಡಲಾಗಿದೆ.
ಸ್ಥಳ: ಸಂಕೇಶ್ವರ
ದಿನಾಂಕ: 28/11/2024
ಶ್ರೀ ಸಕೀಯ ಬಿ. ಹಟ್ಟಿ, ವಕೀಲರು, ಸಂಕೇಶ್ವರ
ನ್ಯಾಯಾಧೀಶರ ಆದೇಶದ ಮೇರೆಗೆ, ಶಿರಸ್ತೇದಾರ ಜೆ.ಎಮ್.ಎಫ್.ಸಿ. ನ್ಯಾಯಾಲಯ, ಸಂಕೇಶ್ವರ
